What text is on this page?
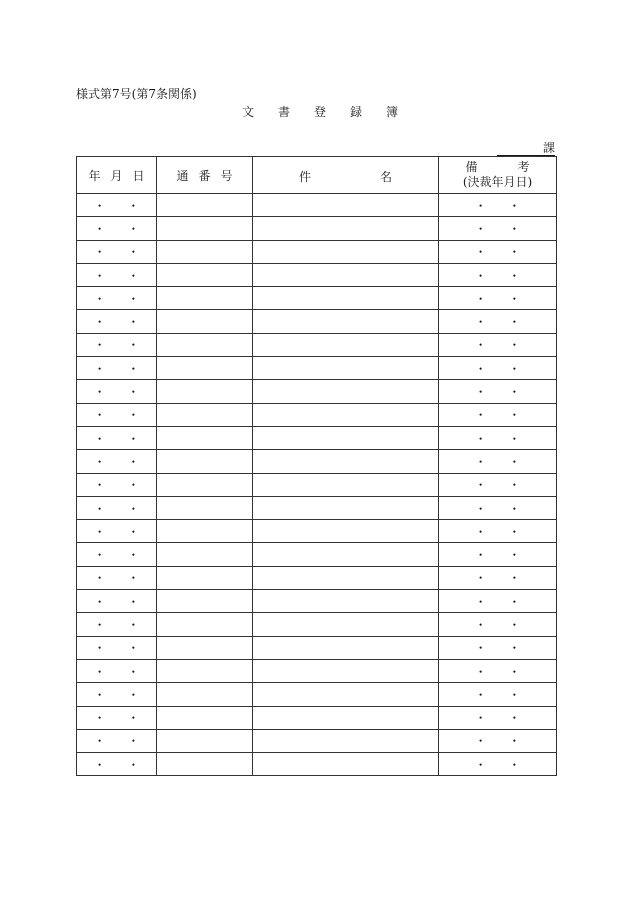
様式第7号(第7条関係)
文 書 登 録 簿
課
年 月 日	通 番 号	件 名	備 考
(決裁年月日)
・ ・			・ ・
・ ・			・ ・
・ ・			・ ・
・ ・			・ ・
・ ・			・ ・
・ ・			・ ・
・ ・			・ ・
・ ・			・ ・
・ ・			・ ・
・ ・			・ ・
・ ・			・ ・
・ ・			・ ・
・ ・			・ ・
・ ・			・ ・
・ ・			・ ・
・ ・			・ ・
・ ・			・ ・
・ ・			・ ・
・ ・			・ ・
・ ・			・ ・
・ ・			・ ・
・ ・			・ ・
・ ・			・ ・
・ ・			・ ・
・ ・			・ ・
